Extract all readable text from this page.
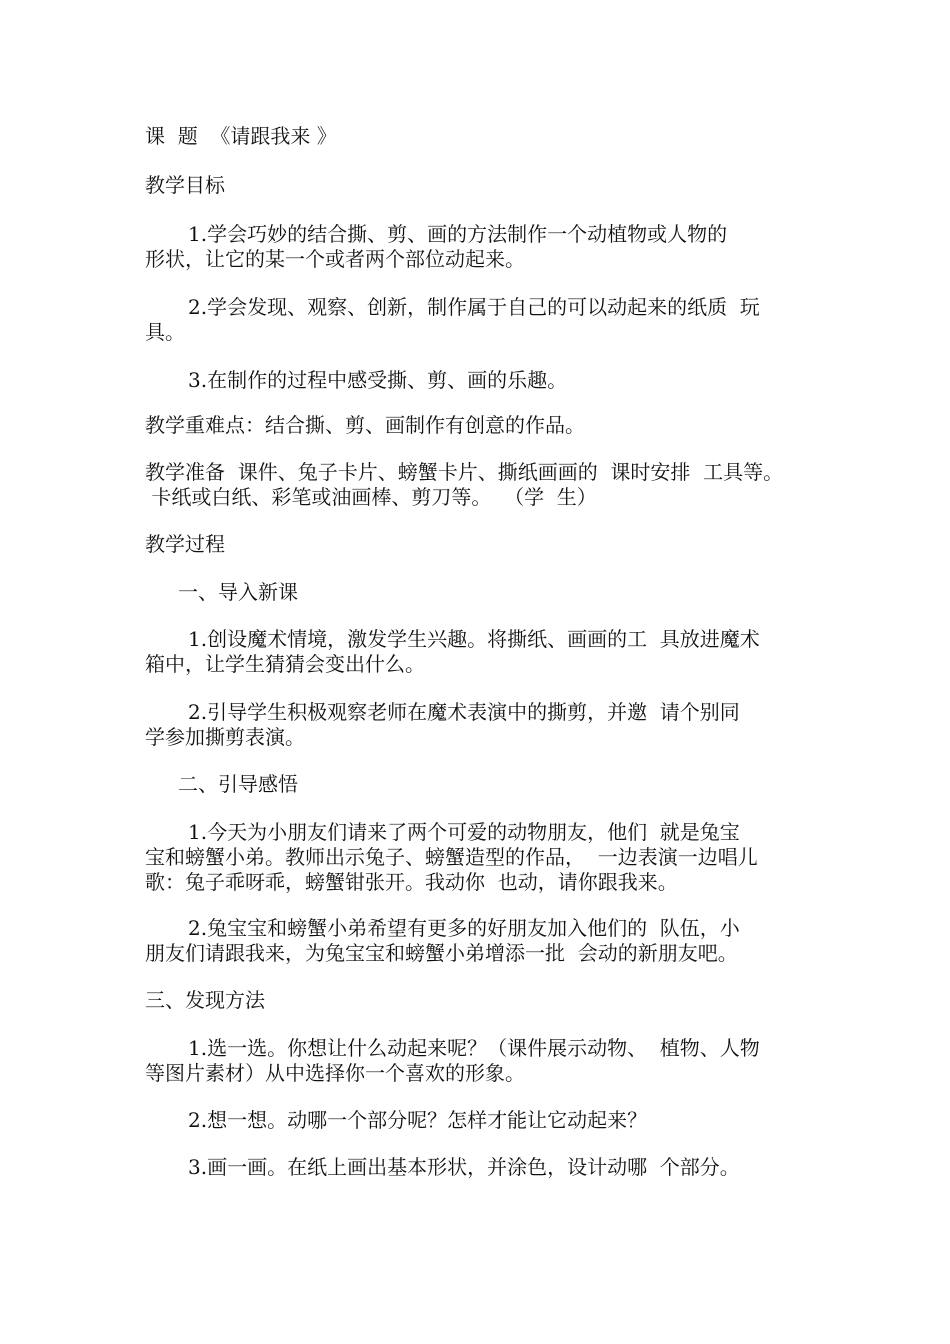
课  题  《请跟我来 》

教学目标

1.学会巧妙的结合撕、剪、画的方法制作一个动植物或人物的

形状，让它的某一个或者两个部位动起来。

2.学会发现、观察、创新，制作属于自己的可以动起来的纸质  玩

具。

3.在制作的过程中感受撕、剪、画的乐趣。

教学重难点：结合撕、剪、画制作有创意的作品。

教学准备  课件、兔子卡片、螃蟹卡片、撕纸画画的  课时安排  工具等。

卡纸或白纸、彩笔或油画棒、剪刀等。  （学  生）

教学过程

一、导入新课

1.创设魔术情境，激发学生兴趣。将撕纸、画画的工  具放进魔术

箱中，让学生猜猜会变出什么。

2.引导学生积极观察老师在魔术表演中的撕剪，并邀  请个别同

学参加撕剪表演。

二、引导感悟

1.今天为小朋友们请来了两个可爱的动物朋友，他们  就是兔宝

宝和螃蟹小弟。教师出示兔子、螃蟹造型的作品，  一边表演一边唱儿

歌：兔子乖呀乖，螃蟹钳张开。我动你  也动，请你跟我来。

2.兔宝宝和螃蟹小弟希望有更多的好朋友加入他们的  队伍，小

朋友们请跟我来，为兔宝宝和螃蟹小弟增添一批  会动的新朋友吧。

三、发现方法

1.选一选。你想让什么动起来呢？（课件展示动物、  植物、人物

等图片素材）从中选择你一个喜欢的形象。

2.想一想。动哪一个部分呢？怎样才能让它动起来？

3.画一画。在纸上画出基本形状，并涂色，设计动哪  个部分。
